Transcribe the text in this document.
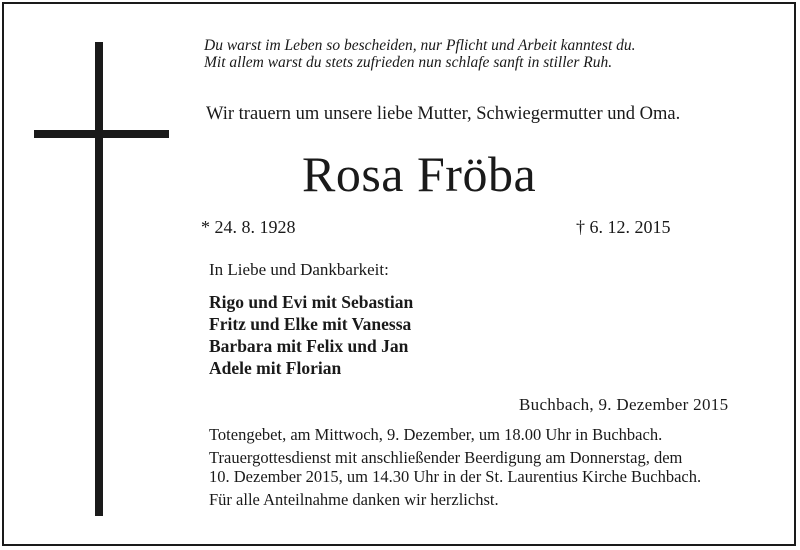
Du warst im Leben so bescheiden, nur Pflicht und Arbeit kanntest du.
Mit allem warst du stets zufrieden nun schlafe sanft in stiller Ruh.
Wir trauern um unsere liebe Mutter, Schwiegermutter und Oma.
Rosa Fröba
* 24. 8. 1928	† 6. 12. 2015
In Liebe und Dankbarkeit:
Rigo und Evi mit Sebastian
Fritz und Elke mit Vanessa
Barbara mit Felix und Jan
Adele mit Florian
Buchbach, 9. Dezember 2015
Totengebet, am Mittwoch, 9. Dezember, um 18.00 Uhr in Buchbach.
Trauergottesdienst mit anschließender Beerdigung am Donnerstag, dem
10. Dezember 2015, um 14.30 Uhr in der St. Laurentius Kirche Buchbach.
Für alle Anteilnahme danken wir herzlichst.
